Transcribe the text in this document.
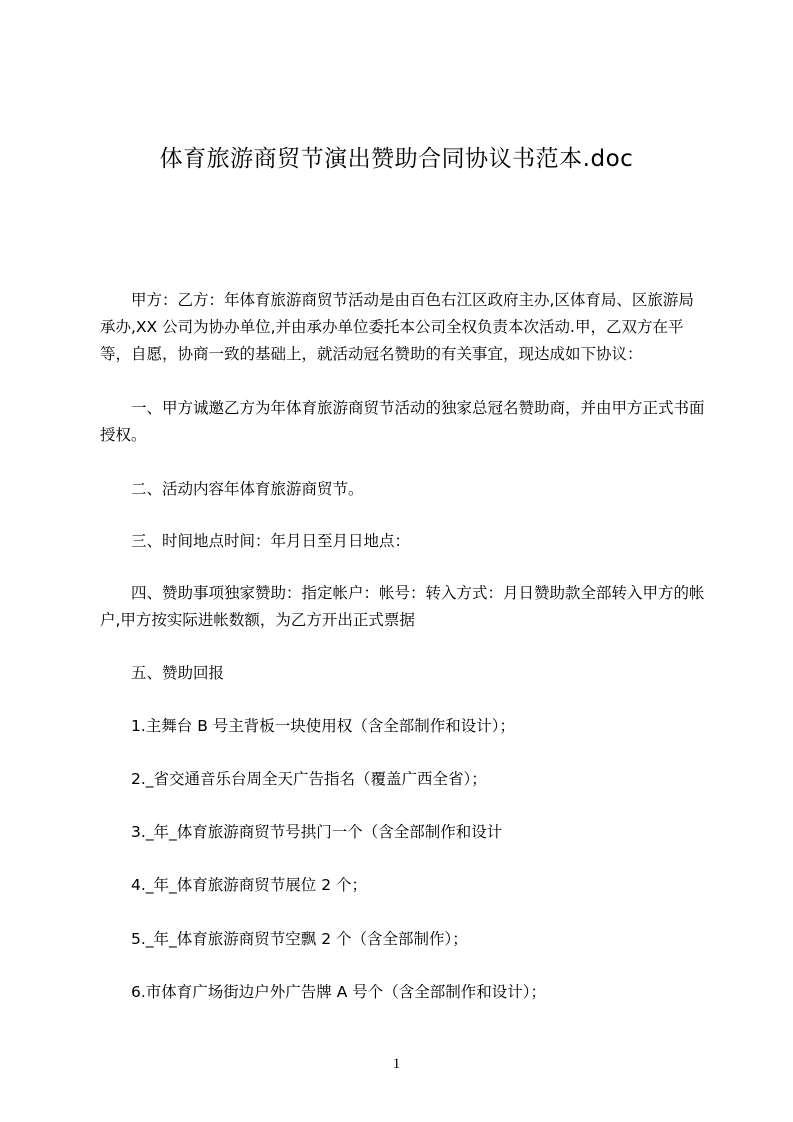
体育旅游商贸节演出赞助合同协议书范本.doc

　　甲方：乙方：年体育旅游商贸节活动是由百色右江区政府主办,区体育局、区旅游局承办,XX 公司为协办单位,并由承办单位委托本公司全权负责本次活动.甲，乙双方在平等，自愿，协商一致的基础上，就活动冠名赞助的有关事宜，现达成如下协议：

　　一、甲方诚邀乙方为年体育旅游商贸节活动的独家总冠名赞助商，并由甲方正式书面授权。

　　二、活动内容年体育旅游商贸节。

　　三、时间地点时间：年月日至月日地点：

　　四、赞助事项独家赞助：指定帐户：帐号：转入方式：月日赞助款全部转入甲方的帐户,甲方按实际进帐数额，为乙方开出正式票据

　　五、赞助回报

　　1.主舞台 B 号主背板一块使用权（含全部制作和设计）；

　　2._省交通音乐台周全天广告指名（覆盖广西全省）；

　　3._年_体育旅游商贸节号拱门一个（含全部制作和设计

　　4._年_体育旅游商贸节展位 2 个；

　　5._年_体育旅游商贸节空飘 2 个（含全部制作）；

　　6.市体育广场街边户外广告牌 A 号个（含全部制作和设计）；

1
